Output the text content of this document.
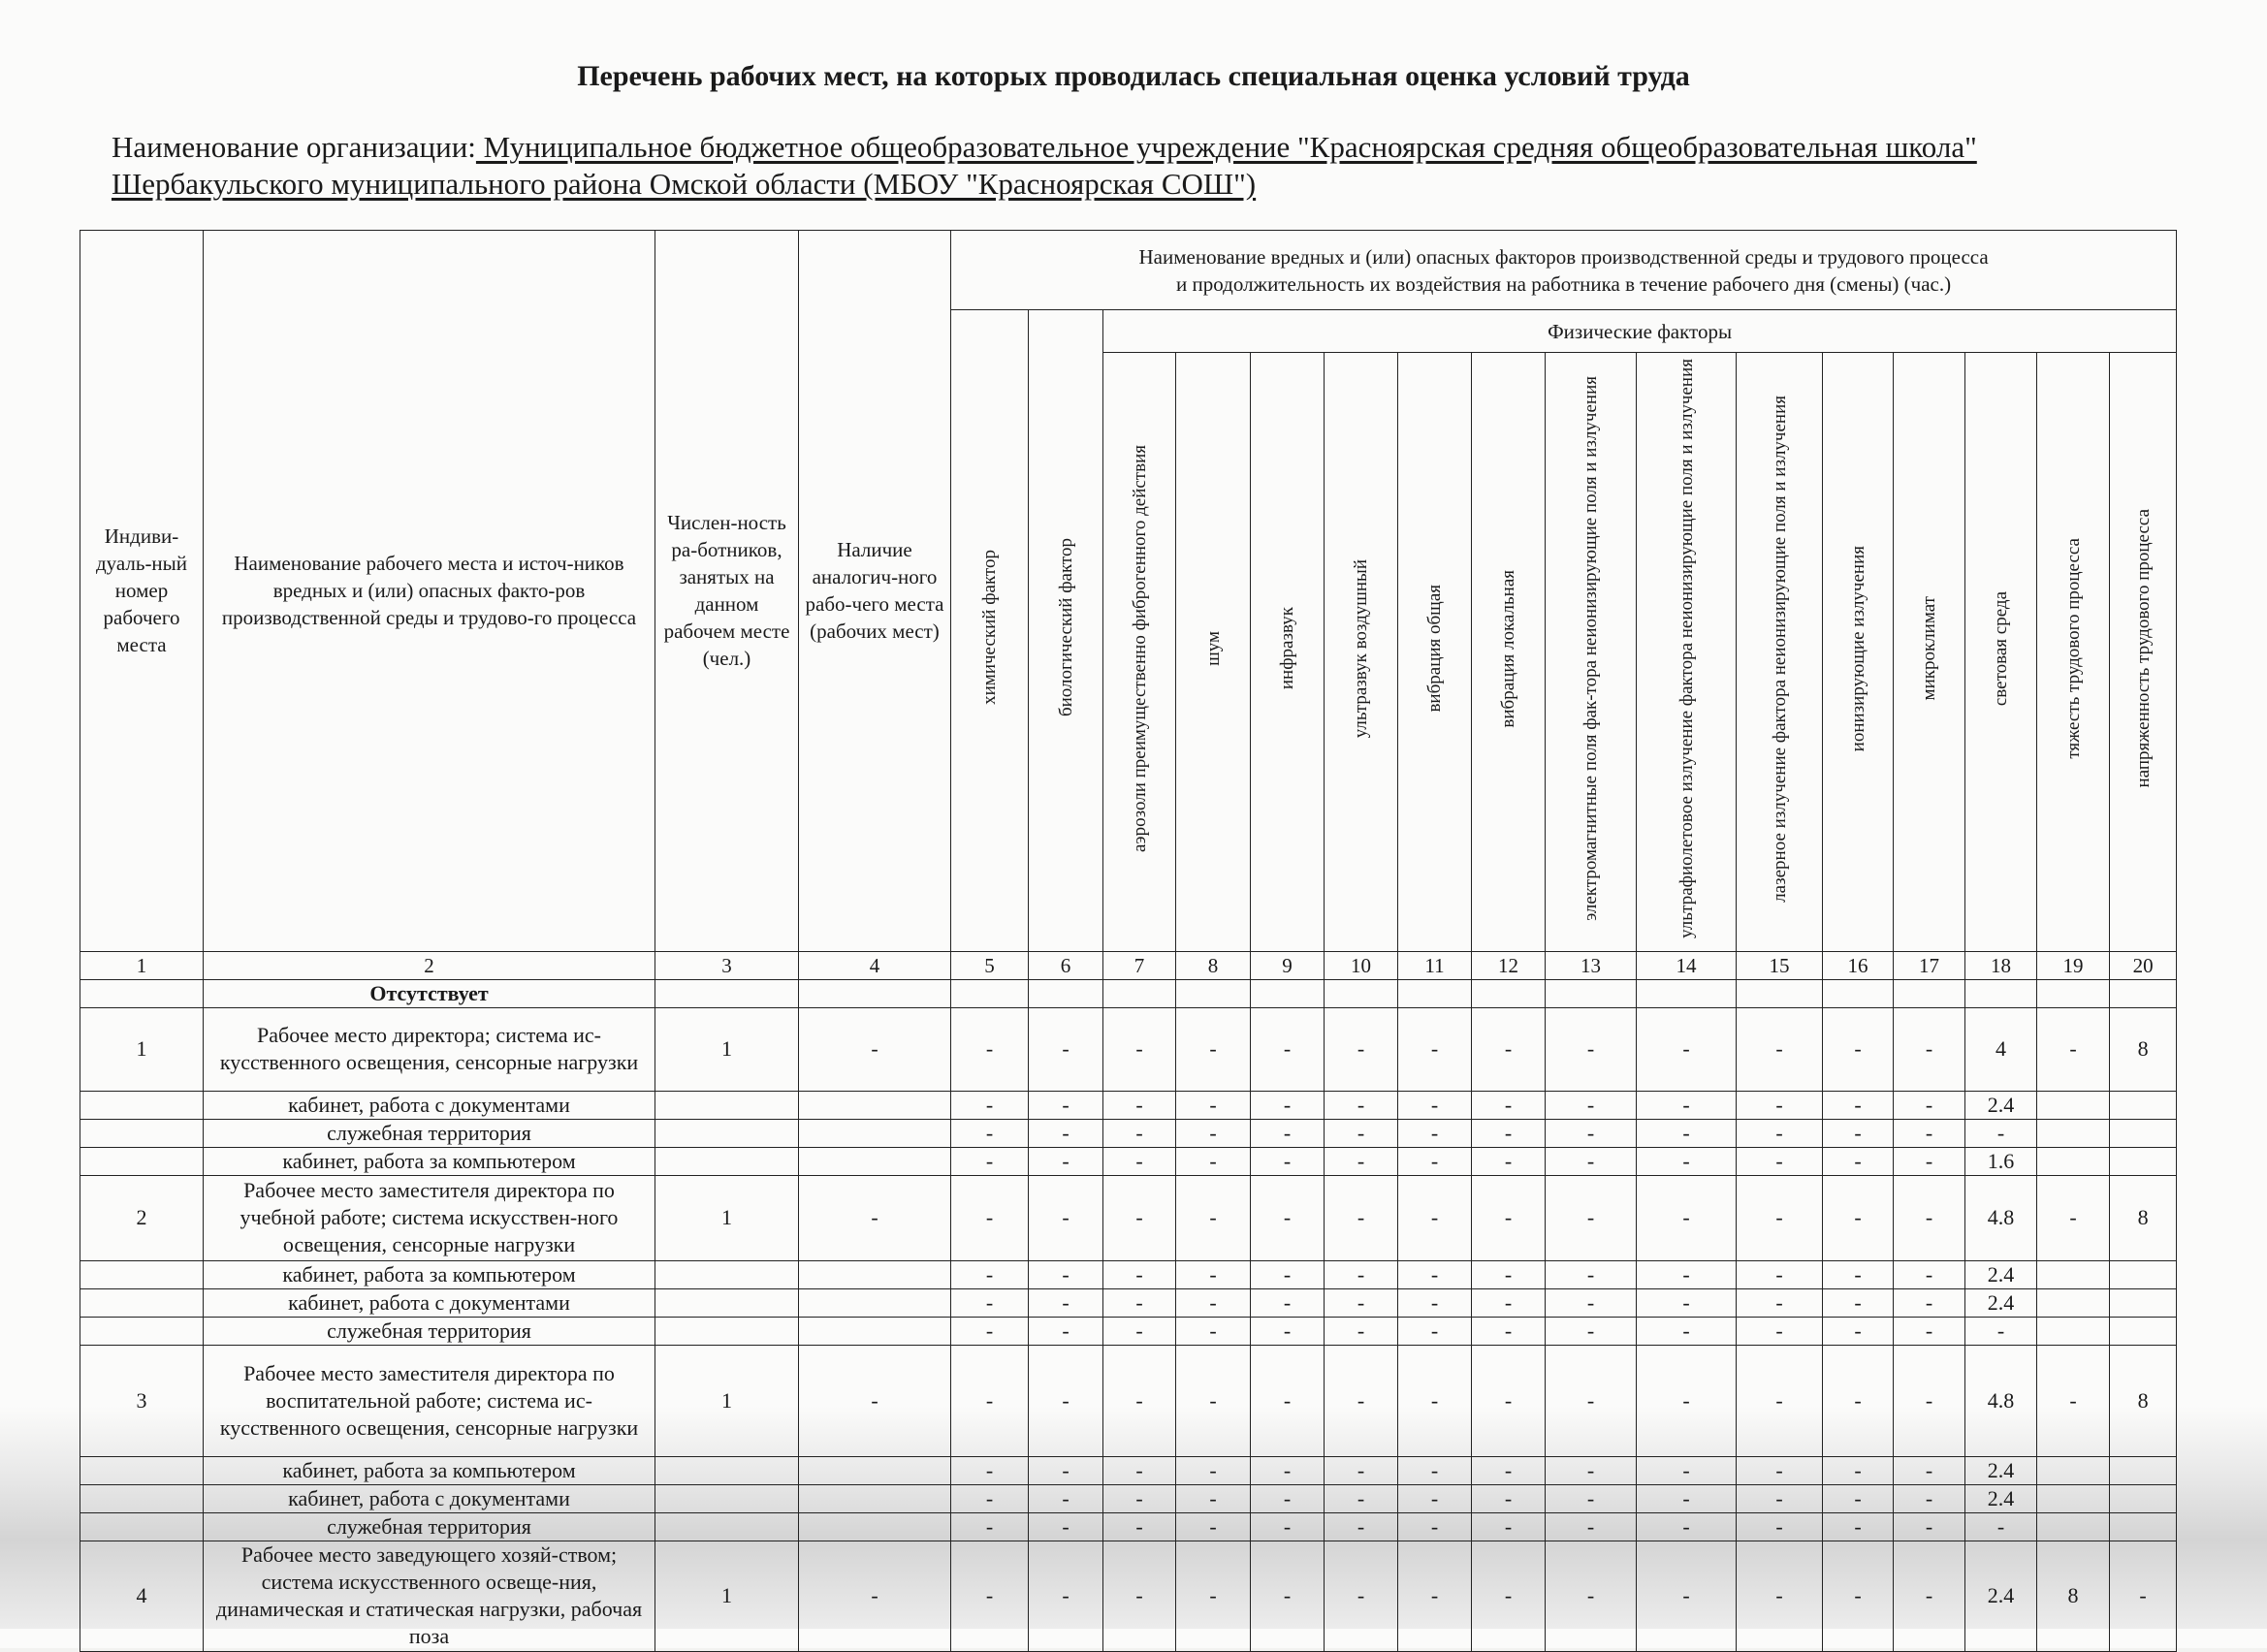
Перечень рабочих мест, на которых проводилась специальная оценка условий труда

Наименование организации: Муниципальное бюджетное общеобразовательное учреждение "Красноярская средняя общеобразовательная школа"
Шербакульского муниципального района Омской области (МБОУ "Красноярская СОШ")

Индиви-дуаль-ный номер рабочего места	Наименование рабочего места и источ-ников вредных и (или) опасных факто-ров производственной среды и трудово-го процесса	Числен-ность ра-ботников, занятых на данном рабочем месте (чел.)	Наличие аналогич-ного рабо-чего места (рабочих мест)	Наименование вредных и (или) опасных факторов производственной среды и трудового процесса
и продолжительность их воздействия на работника в течение рабочего дня (смены) (час.)															
				химический фактор	биологический фактор	Физические факторы													
						аэрозоли преимущественно фиброгенного действия	шум	инфразвук	ультразвук воздушный	вибрация общая	вибрация локальная	электромагнитные поля фак-тора неионизирующие поля и излучения	ультрафиолетовое излучение фактора неионизирующие поля и излучения	лазерное излучение фактора неионизирующие поля и излучения	ионизирующие излучения	микроклимат	световая среда	тяжесть трудового процесса	напряженность трудового процесса
1	2	3	4	5	6	7	8	9	10	11	12	13	14	15	16	17	18	19	20
	Отсутствует																		
1	Рабочее место директора; система ис-кусственного освещения, сенсорные нагрузки	1	-	-	-	-	-	-	-	-	-	-	-	-	-	-	4	-	8
	кабинет, работа с документами			-	-	-	-	-	-	-	-	-	-	-	-	-	2.4		
	служебная территория			-	-	-	-	-	-	-	-	-	-	-	-	-	-		
	кабинет, работа за компьютером			-	-	-	-	-	-	-	-	-	-	-	-	-	1.6		
2	Рабочее место заместителя директора по учебной работе; система искусствен-ного освещения, сенсорные нагрузки	1	-	-	-	-	-	-	-	-	-	-	-	-	-	-	4.8	-	8
	кабинет, работа за компьютером			-	-	-	-	-	-	-	-	-	-	-	-	-	2.4		
	кабинет, работа с документами			-	-	-	-	-	-	-	-	-	-	-	-	-	2.4		
	служебная территория			-	-	-	-	-	-	-	-	-	-	-	-	-	-		
3	Рабочее место заместителя директора по воспитательной работе; система ис-кусственного освещения, сенсорные нагрузки	1	-	-	-	-	-	-	-	-	-	-	-	-	-	-	4.8	-	8
	кабинет, работа за компьютером			-	-	-	-	-	-	-	-	-	-	-	-	-	2.4		
	кабинет, работа с документами			-	-	-	-	-	-	-	-	-	-	-	-	-	2.4		
	служебная территория			-	-	-	-	-	-	-	-	-	-	-	-	-	-		
4	Рабочее место заведующего хозяй-ством; система искусственного освеще-ния, динамическая и статическая нагрузки, рабочая поза	1	-	-	-	-	-	-	-	-	-	-	-	-	-	-	2.4	8	-
